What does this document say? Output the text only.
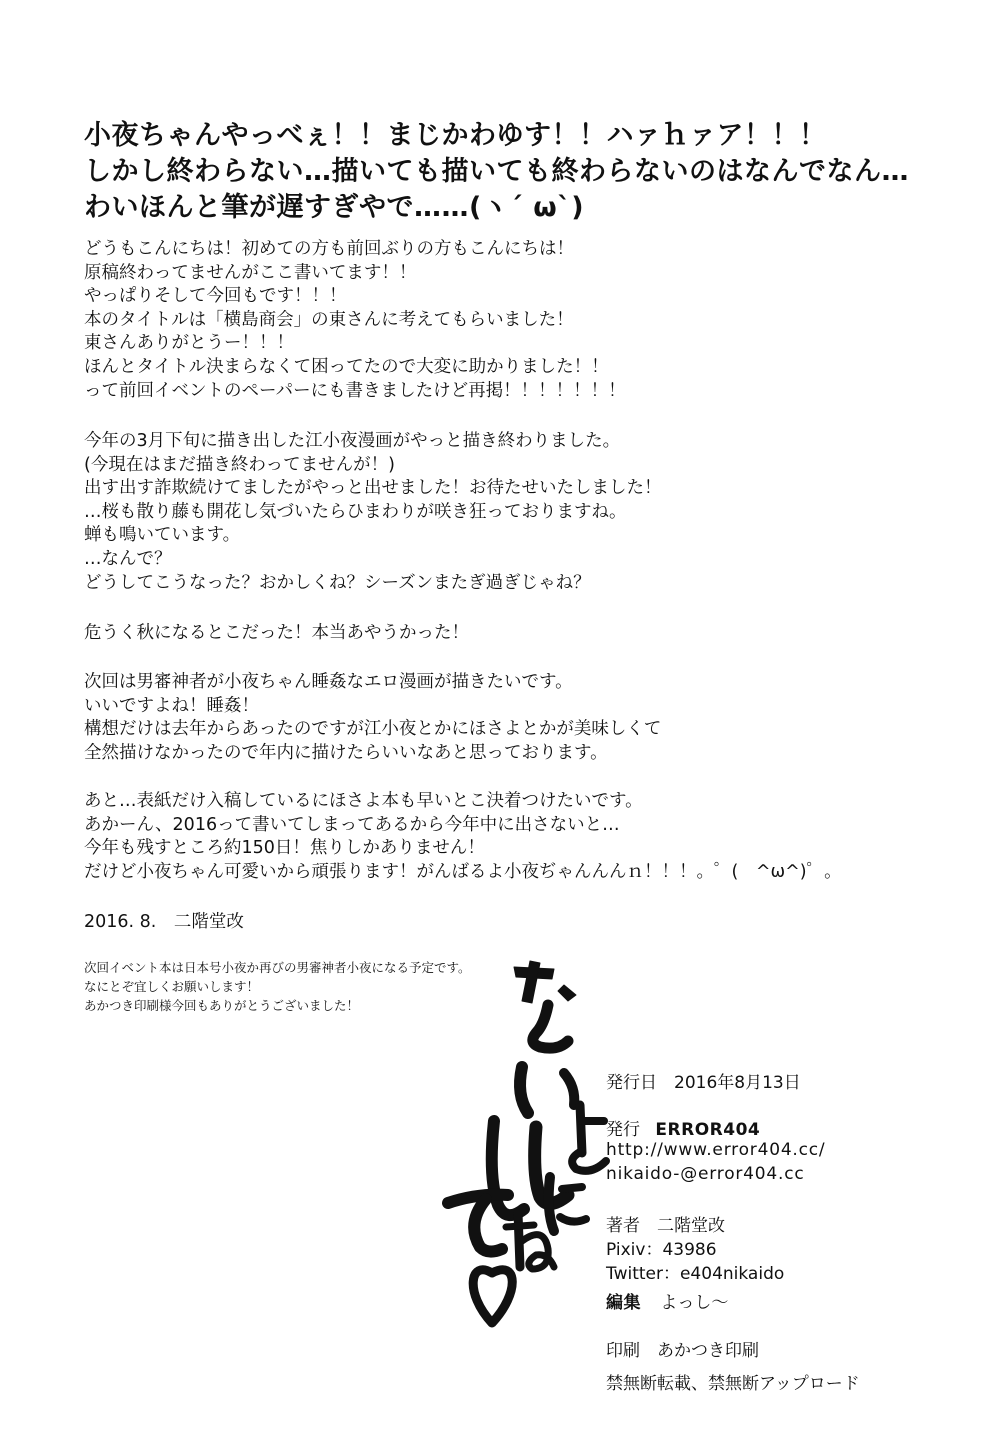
小夜ちゃんやっべぇ！！まじかわゆす！！ハァｈァア！！！
しかし終わらない…描いても描いても終わらないのはなんでなん…
わいほんと筆が遅すぎやで……(ヽ´ ω`)
どうもこんにちは！初めての方も前回ぶりの方もこんにちは！
原稿終わってませんがここ書いてます！！
やっぱりそして今回もです！！！
本のタイトルは「横島商会」の東さんに考えてもらいました！
東さんありがとうー！！！
ほんとタイトル決まらなくて困ってたので大変に助かりました！！
って前回イベントのペーパーにも書きましたけど再掲！！！！！！！
今年の3月下旬に描き出した江小夜漫画がやっと描き終わりました。
(今現在はまだ描き終わってませんが！)
出す出す詐欺続けてましたがやっと出せました！お待たせいたしました！
…桜も散り藤も開花し気づいたらひまわりが咲き狂っておりますね。
蝉も鳴いています。
…なんで？
どうしてこうなった？おかしくね？シーズンまたぎ過ぎじゃね？
危うく秋になるとこだった！本当あやうかった！
次回は男審神者が小夜ちゃん睡姦なエロ漫画が描きたいです。
いいですよね！睡姦！
構想だけは去年からあったのですが江小夜とかにほさよとかが美味しくて
全然描けなかったので年内に描けたらいいなあと思っております。
あと…表紙だけ入稿しているにほさよ本も早いとこ決着つけたいです。
あかーん、2016って書いてしまってあるから今年中に出さないと…
今年も残すところ約150日！焦りしかありません！
だけど小夜ちゃん可愛いから頑張ります！がんばるよ小夜ぢゃんんんｎ！！！。゜(　^ω^)゜。
2016. 8.　二階堂改
次回イベント本は日本号小夜か再びの男審神者小夜になる予定です。
なにとぞ宜しくお願いします！
あかつき印刷様今回もありがとうございました！
発行日　2016年8月13日
発行 ERROR404
http://www.error404.cc/
nikaido-@error404.cc
著者　二階堂改
Pixiv：43986
Twitter：e404nikaido
編集 よっし～
印刷　あかつき印刷
禁無断転載、禁無断アップロード
